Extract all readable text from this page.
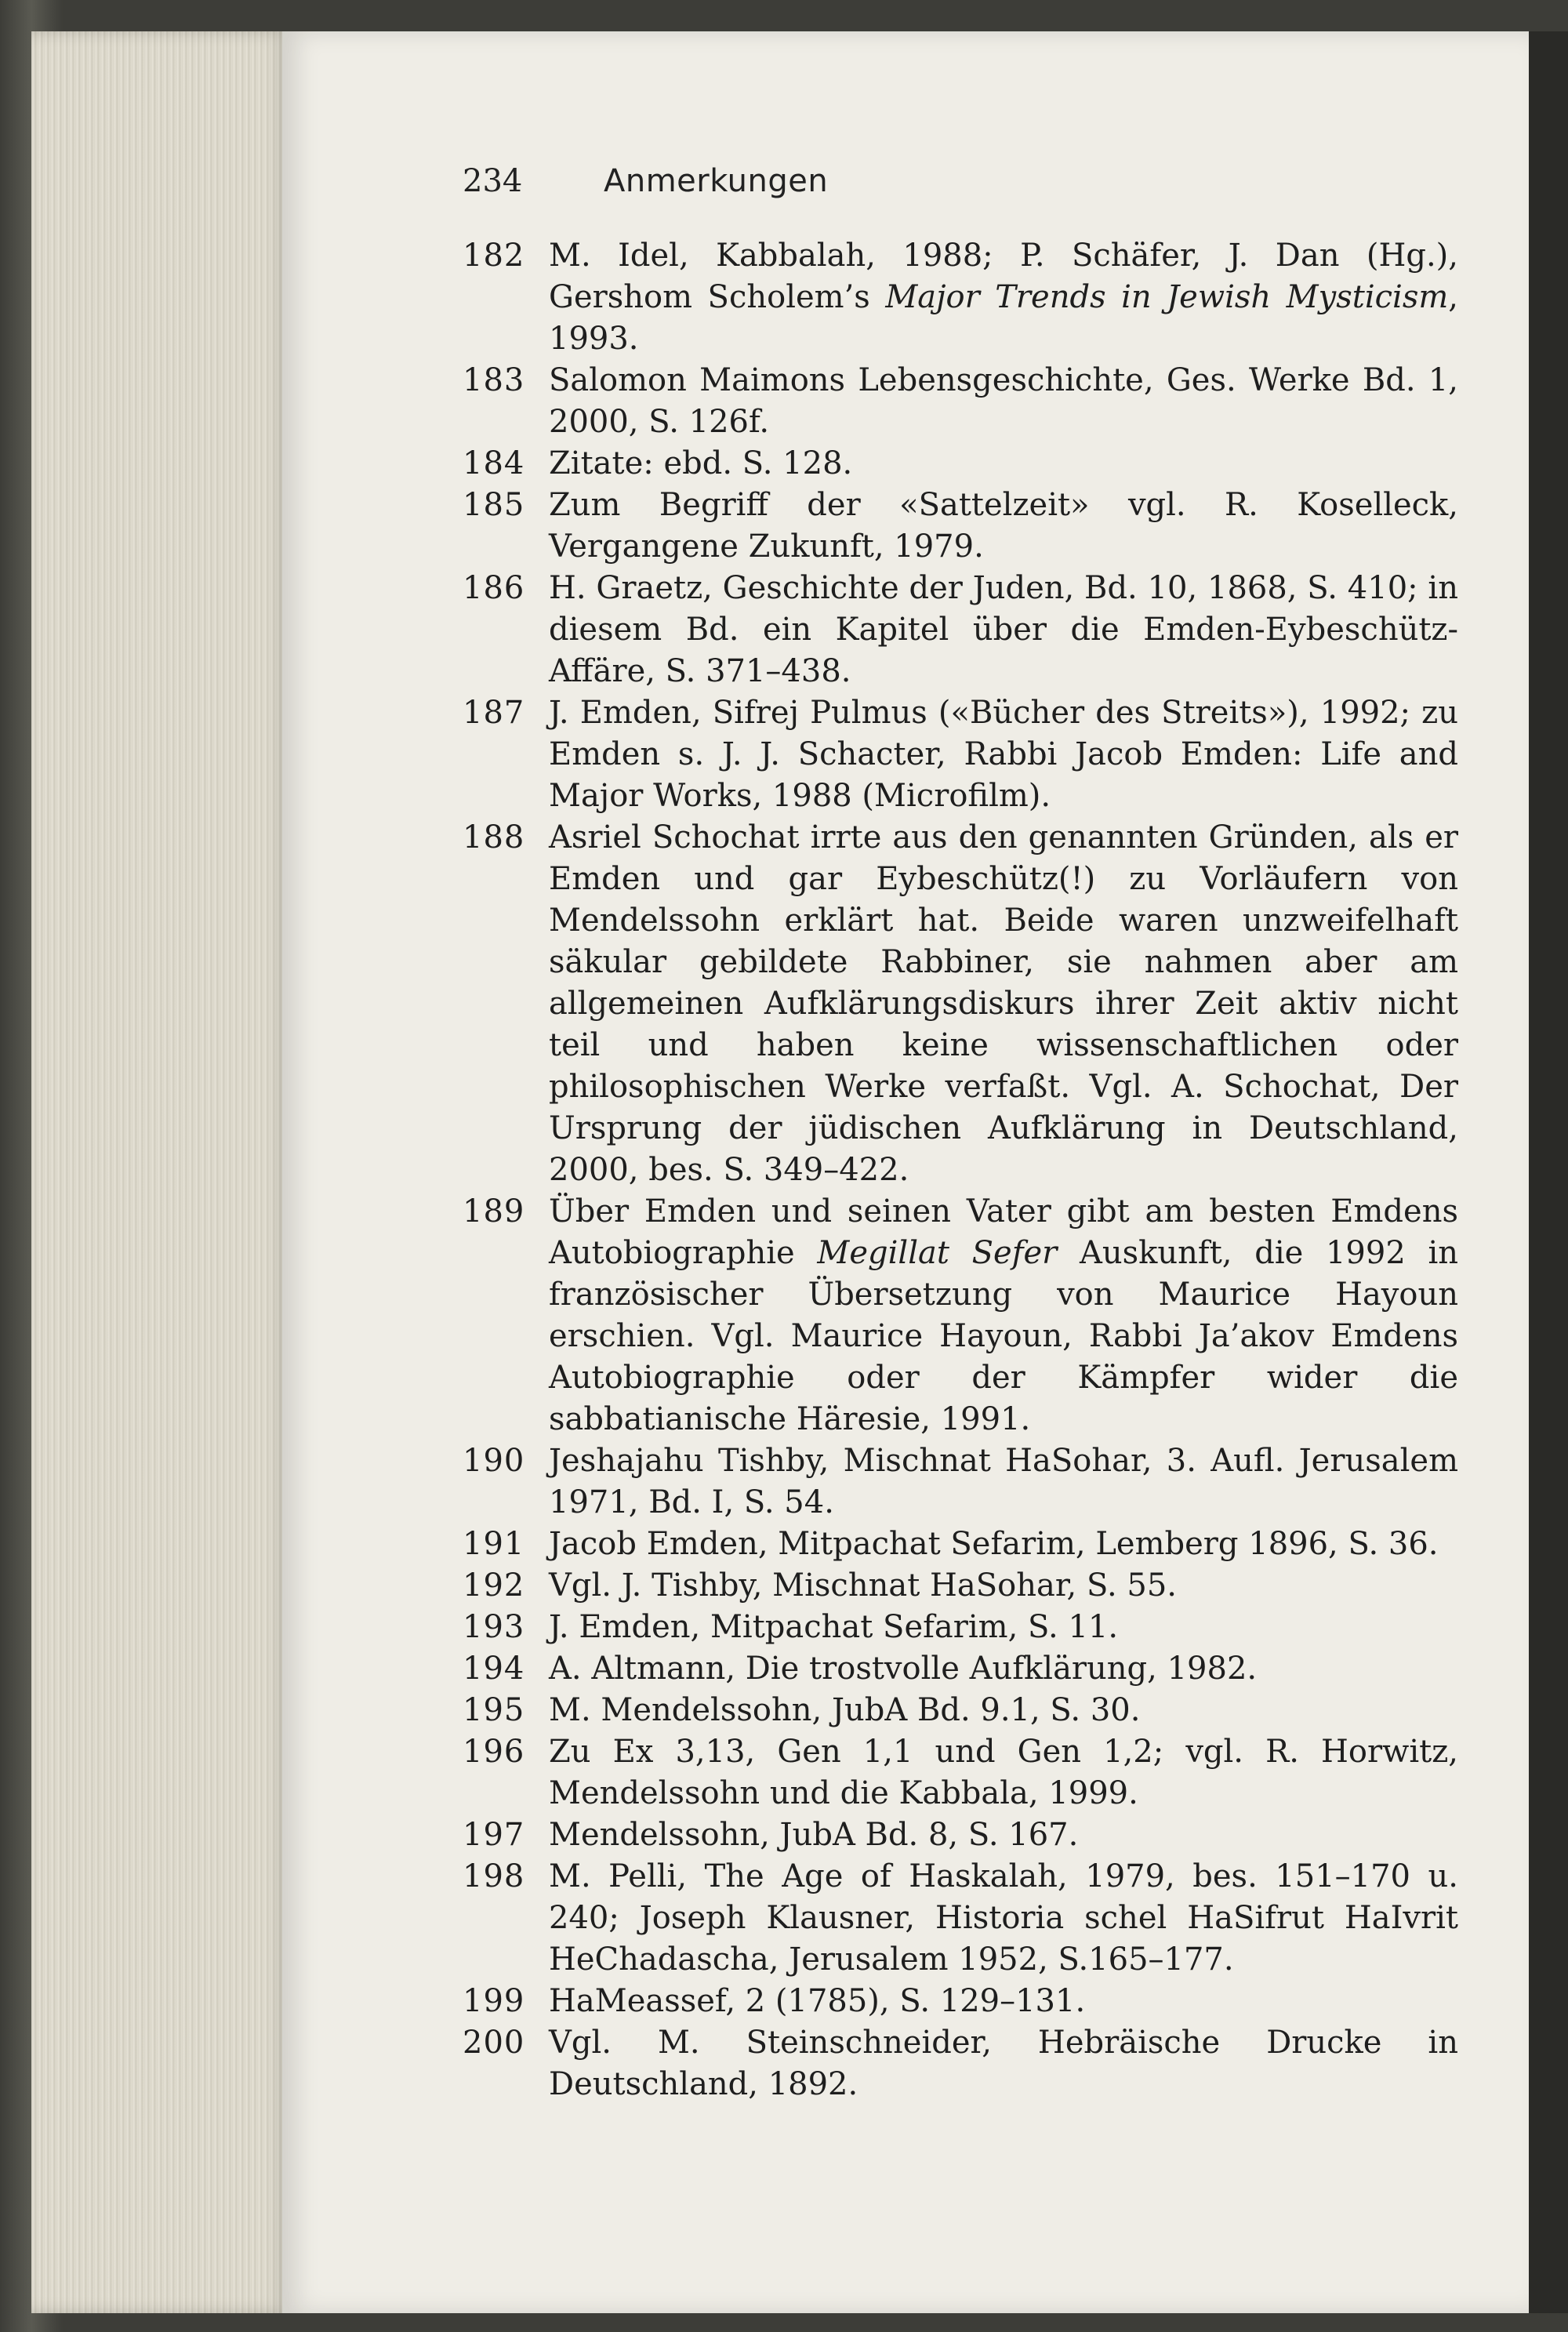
234	Anmerkungen
182 M. Idel, Kabbalah, 1988; P. Schäfer, J. Dan (Hg.), Gershom Scholem’s Major Trends in Jewish Mysticism, 1993.
183 Salomon Maimons Lebensgeschichte, Ges. Werke Bd. 1, 2000, S. 126f.
184 Zitate: ebd. S. 128.
185 Zum Begriff der «Sattelzeit» vgl. R. Koselleck, Vergangene Zukunft, 1979.
186 H. Graetz, Geschichte der Juden, Bd. 10, 1868, S. 410; in diesem Bd. ein Kapitel über die Emden-Eybeschütz-Affäre, S. 371–438.
187 J. Emden, Sifrej Pulmus («Bücher des Streits»), 1992; zu Emden s. J. J. Schacter, Rabbi Jacob Emden: Life and Major Works, 1988 (Microfilm).
188 Asriel Schochat irrte aus den genannten Gründen, als er Emden und gar Eybeschütz(!) zu Vorläufern von Mendelssohn erklärt hat. Beide waren unzweifelhaft säkular gebildete Rabbiner, sie nahmen aber am allgemeinen Aufklärungsdiskurs ihrer Zeit aktiv nicht teil und haben keine wissenschaftlichen oder philosophischen Werke verfaßt. Vgl. A. Schochat, Der Ursprung der jüdischen Aufklärung in Deutschland, 2000, bes. S. 349–422.
189 Über Emden und seinen Vater gibt am besten Emdens Autobiographie Megillat Sefer Auskunft, die 1992 in französischer Übersetzung von Maurice Hayoun erschien. Vgl. Maurice Hayoun, Rabbi Ja’akov Emdens Autobiographie oder der Kämpfer wider die sabbatianische Häresie, 1991.
190 Jeshajahu Tishby, Mischnat HaSohar, 3. Aufl. Jerusalem 1971, Bd. I, S. 54.
191 Jacob Emden, Mitpachat Sefarim, Lemberg 1896, S. 36.
192 Vgl. J. Tishby, Mischnat HaSohar, S. 55.
193 J. Emden, Mitpachat Sefarim, S. 11.
194 A. Altmann, Die trostvolle Aufklärung, 1982.
195 M. Mendelssohn, JubA Bd. 9.1, S. 30.
196 Zu Ex 3,13, Gen 1,1 und Gen 1,2; vgl. R. Horwitz, Mendelssohn und die Kabbala, 1999.
197 Mendelssohn, JubA Bd. 8, S. 167.
198 M. Pelli, The Age of Haskalah, 1979, bes. 151–170 u. 240; Joseph Klausner, Historia schel HaSifrut HaIvrit HeChadascha, Jerusalem 1952, S.165–177.
199 HaMeassef, 2 (1785), S. 129–131.
200 Vgl. M. Steinschneider, Hebräische Drucke in Deutschland, 1892.
